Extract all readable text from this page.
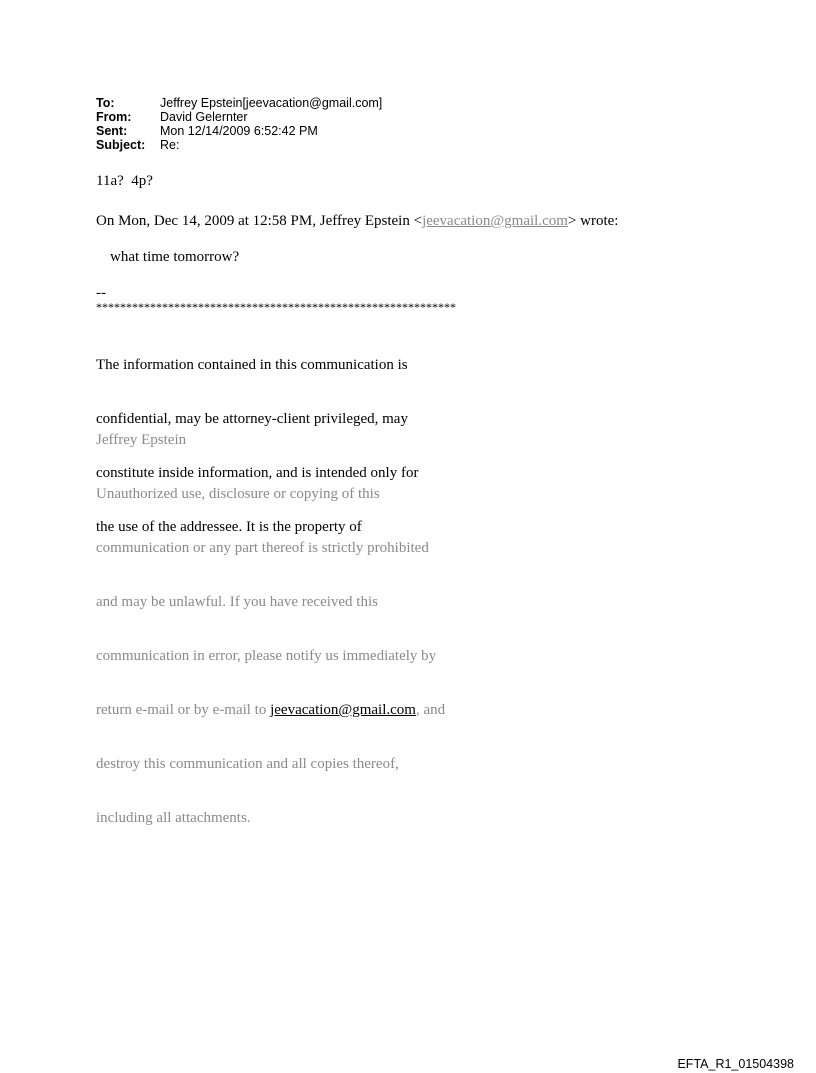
To:	Jeffrey Epstein[jeevacation@gmail.com]
From:	David Gelernter
Sent:	Mon 12/14/2009 6:52:42 PM
Subject:	Re:
11a?  4p?
On Mon, Dec 14, 2009 at 12:58 PM, Jeffrey Epstein <jeevacation@gmail.com> wrote:
what time tomorrow?
--
************************************************************

The information contained in this communication is

confidential, may be attorney-client privileged, may

constitute inside information, and is intended only for

the use of the addressee. It is the property of

Jeffrey Epstein

Unauthorized use, disclosure or copying of this

communication or any part thereof is strictly prohibited

and may be unlawful. If you have received this

communication in error, please notify us immediately by

return e-mail or by e-mail to jeevacation@gmail.com, and

destroy this communication and all copies thereof,

including all attachments.

EFTA_R1_01504398
